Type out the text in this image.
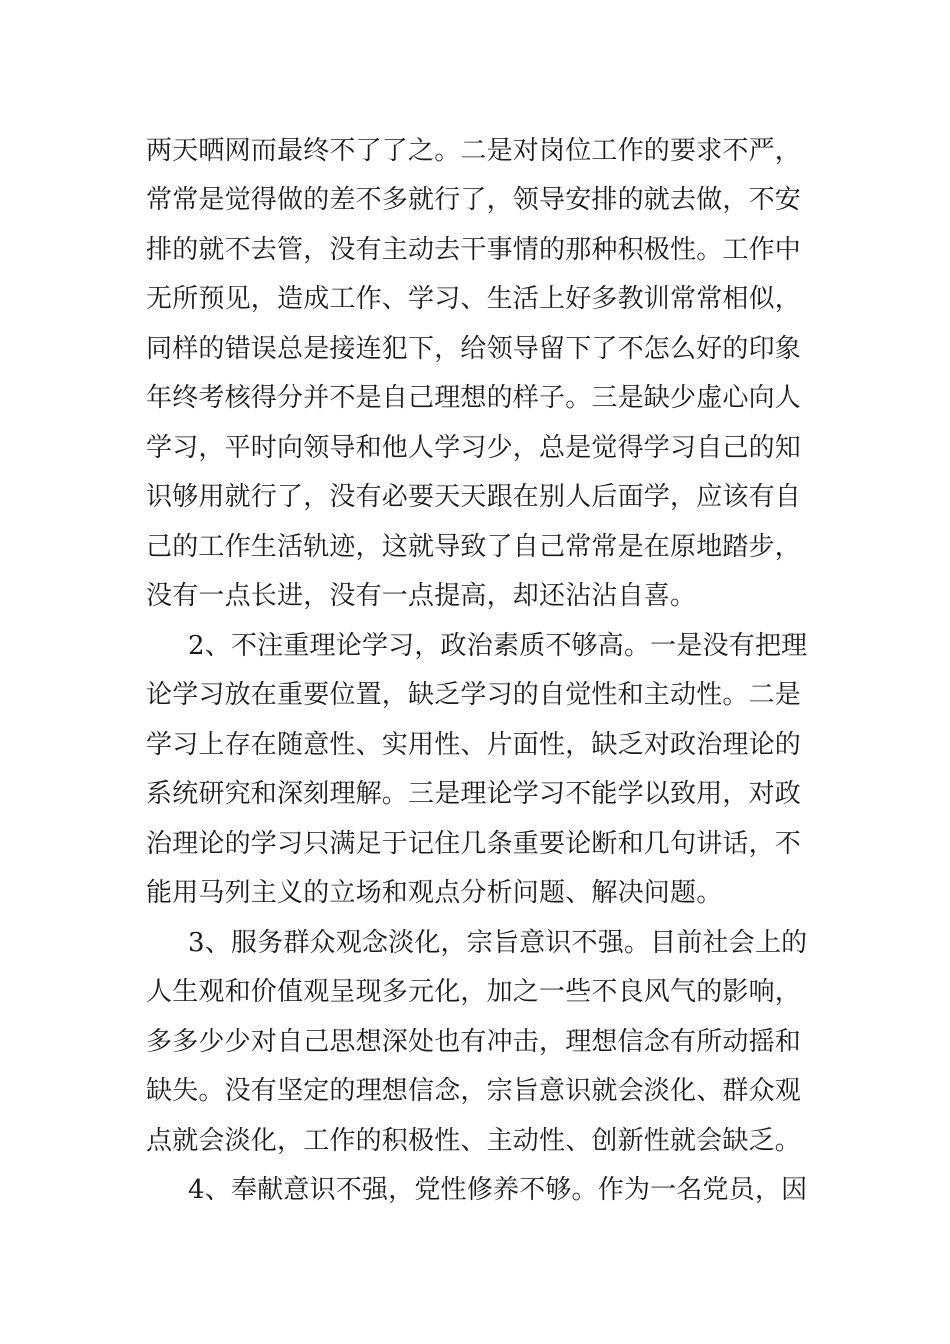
两天晒网而最终不了了之。二是对岗位工作的要求不严，
常常是觉得做的差不多就行了，领导安排的就去做，不安
排的就不去管，没有主动去干事情的那种积极性。工作中
无所预见，造成工作、学习、生活上好多教训常常相似，
同样的错误总是接连犯下，给领导留下了不怎么好的印象
年终考核得分并不是自己理想的样子。三是缺少虚心向人
学习，平时向领导和他人学习少，总是觉得学习自己的知
识够用就行了，没有必要天天跟在别人后面学，应该有自
己的工作生活轨迹，这就导致了自己常常是在原地踏步，
没有一点长进，没有一点提高，却还沾沾自喜。
2、不注重理论学习，政治素质不够高。一是没有把理
论学习放在重要位置，缺乏学习的自觉性和主动性。二是
学习上存在随意性、实用性、片面性，缺乏对政治理论的
系统研究和深刻理解。三是理论学习不能学以致用，对政
治理论的学习只满足于记住几条重要论断和几句讲话，不
能用马列主义的立场和观点分析问题、解决问题。
3、服务群众观念淡化，宗旨意识不强。目前社会上的
人生观和价值观呈现多元化，加之一些不良风气的影响，
多多少少对自己思想深处也有冲击，理想信念有所动摇和
缺失。没有坚定的理想信念，宗旨意识就会淡化、群众观
点就会淡化，工作的积极性、主动性、创新性就会缺乏。
4、奉献意识不强，党性修养不够。作为一名党员，因
